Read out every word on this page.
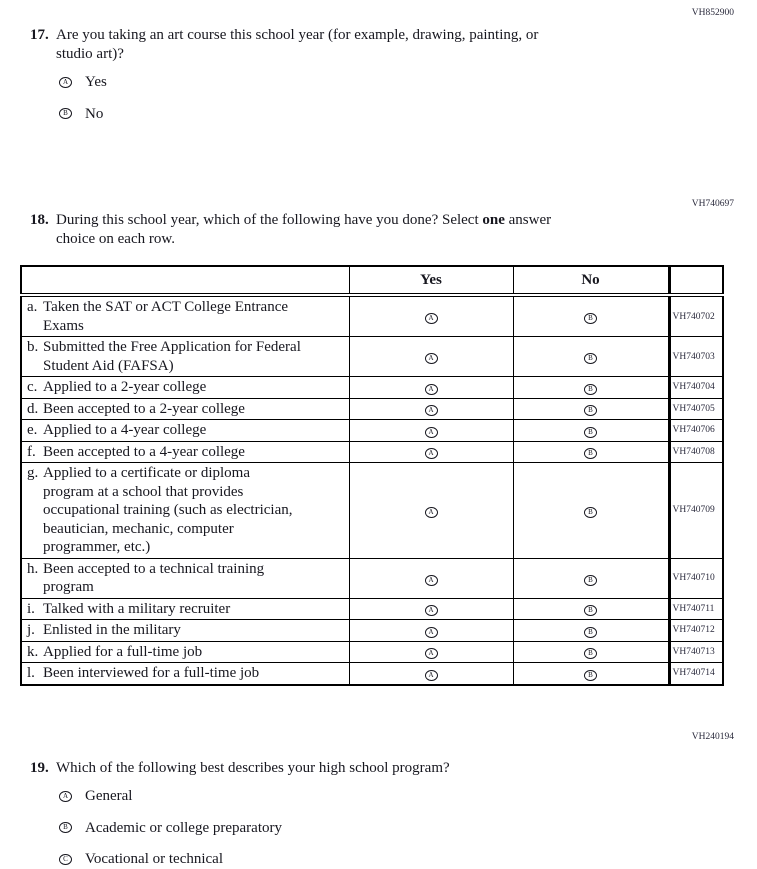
VH852900
17. Are you taking an art course this school year (for example, drawing, painting, or studio art)?
A Yes
B No
VH740697
18. During this school year, which of the following have you done? Select one answer choice on each row.
	Yes	No	

a. Taken the SAT or ACT College Entrance Exams	A	B	VH740702

b. Submitted the Free Application for Federal Student Aid (FAFSA)	A	B	VH740703

c. Applied to a 2-year college	A	B	VH740704

d. Been accepted to a 2-year college	A	B	VH740705

e. Applied to a 4-year college	A	B	VH740706

f. Been accepted to a 4-year college	A	B	VH740708

g. Applied to a certificate or diploma program at a school that provides occupational training (such as electrician, beautician, mechanic, computer programmer, etc.)	A	B	VH740709

h. Been accepted to a technical training program	A	B	VH740710

i. Talked with a military recruiter	A	B	VH740711

j. Enlisted in the military	A	B	VH740712

k. Applied for a full-time job	A	B	VH740713

l. Been interviewed for a full-time job	A	B	VH740714
VH240194
19. Which of the following best describes your high school program?
A General
B Academic or college preparatory
C Vocational or technical
